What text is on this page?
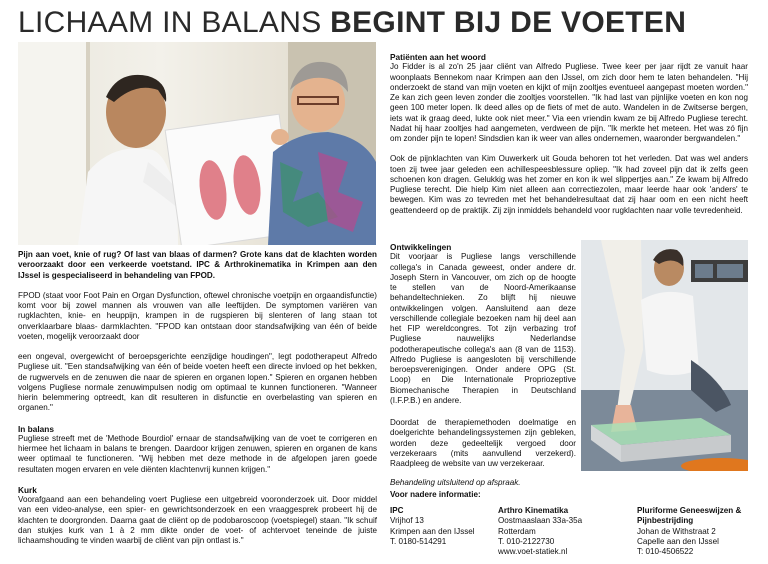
LICHAAM IN BALANS BEGINT BIJ DE VOETEN

Pijn aan voet, knie of rug? Of last van blaas of darmen? Grote kans dat de klachten worden veroorzaakt door een verkeerde voetstand. IPC & Arthrokinematika in Krimpen aan den IJssel is gespecialiseerd in behandeling van FPOD.

FPOD (staat voor Foot Pain en Organ Dysfunction, oftewel chronische voetpijn en orgaandisfunctie) komt voor bij zowel mannen als vrouwen van alle leeftijden. De symptomen variëren van rugklachten, knie- en heuppijn, krampen in de rugspieren bij slenteren of lang staan tot onverklaarbare blaas- darmklachten. "FPOD kan ontstaan door standsafwijking van één of beide voeten, mogelijk veroorzaakt door

een ongeval, overgewicht of beroepsgerichte eenzijdige houdingen", legt podotherapeut Alfredo Pugliese uit. "Een standsafwijking van één of beide voeten heeft een directe invloed op het bekken, de rugwervels en de zenuwen die naar de spieren en organen lopen." Spieren en organen hebben volgens Pugliese normale zenuwimpulsen nodig om optimaal te kunnen functioneren. "Wanneer hierin belemmering optreedt, kan dit resulteren in disfunctie en overbelasting van spieren en organen."

In balans

Pugliese streeft met de 'Methode Bourdiol' ernaar de standsafwijking van de voet te corrigeren en hiermee het lichaam in balans te brengen. Daardoor krijgen zenuwen, spieren en organen de kans weer optimaal te functioneren. "Wij hebben met deze methode in de afgelopen jaren goede resultaten mogen ervaren en vele diënten klachtenvrij kunnen krijgen."

Kurk

Voorafgaand aan een behandeling voert Pugliese een uitgebreid vooronderzoek uit. Door middel van een video-analyse, een spier- en gewrichtsonderzoek en een vraaggesprek probeert hij de klachten te doorgronden. Daarna gaat de cliënt op de podobaroscoop (voetspiegel) staan. "Ik schuif dan stukjes kurk van 1 à 2 mm dikte onder de voet- of achtervoet teneinde de juiste lichaamshouding te vinden waarbij de cliënt van pijn ontlast is."

Patiënten aan het woord

Jo Fidder is al zo'n 25 jaar cliënt van Alfredo Pugliese. Twee keer per jaar rijdt ze vanuit haar woonplaats Bennekom naar Krimpen aan den IJssel, om zich door hem te laten behandelen. "Hij onderzoekt de stand van mijn voeten en kijkt of mijn zooltjes eventueel aangepast moeten worden." Ze kan zich geen leven zonder die zooltjes voorstellen. "Ik had last van pijnlijke voeten en kon nog geen 100 meter lopen. Ik deed alles op de fiets of met de auto. Wandelen in de Zwitserse bergen, iets wat ik graag deed, lukte ook niet meer." Via een vriendin kwam ze bij Alfredo Pugliese terecht. Nadat hij haar zooltjes had aangemeten, verdween de pijn. "Ik merkte het meteen. Het was zó fijn om zonder pijn te lopen! Sindsdien kan ik weer van alles ondernemen, waaronder bergwandelen."

Ook de pijnklachten van Kim Ouwerkerk uit Gouda behoren tot het verleden. Dat was wel anders toen zij twee jaar geleden een achillespeesblessure opliep. "Ik had zoveel pijn dat ik zelfs geen schoenen kon dragen. Gelukkig was het zomer en kon ik wel slippertjes aan." Ze kwam bij Alfredo Pugliese terecht. Die hielp Kim niet alleen aan correctiezolen, maar leerde haar ook 'anders' te bewegen. Kim was zo tevreden met het behandelresultaat dat zij haar oom en een nicht heeft geattendeerd op de praktijk. Zij zijn inmiddels behandeld voor rugklachten naar volle tevredenheid.

Ontwikkelingen

Dit voorjaar is Pugliese langs verschillende collega's in Canada geweest, onder andere dr. Joseph Stern in Vancouver, om zich op de hoogte te stellen van de Noord-Amerikaanse behandeltechnieken. Zo blijft hij nieuwe ontwikkelingen volgen. Aansluitend aan deze verschillende collegiale bezoeken nam hij deel aan het FIP wereldcongres. Tot zijn verbazing trof Pugliese nauwelijks Nederlandse podotherapeutische collega's aan (8 van de 1153). Alfredo Pugliese is aangesloten bij verschillende beroepsverenigingen. Onder andere OPG (St. Loop) en Die Internationale Propriozeptive Biomechanische Therapien in Deutschland (I.F.P.B.) en andere.

Doordat de therapiemethoden doelmatige en doelgerichte behandelingssystemen zijn gebleken, worden deze gedeeltelijk vergoed door verzekeraars (mits aanvullend verzekerd). Raadpleeg de website van uw verzekeraar.

Behandeling uitsluitend op afspraak.

Voor nadere informatie:

IPC
Vrijhof 13
Krimpen aan den IJssel
T. 0180-514291
Arthro Kinematika
Oostmaaslaan 33a-35a
Rotterdam
T. 010-2122730
www.voet-statiek.nl
Pluriforme Geneeswijzen &
Pijnbestrijding
Johan de Withstraat 2
Capelle aan den IJssel
T: 010-4506522
